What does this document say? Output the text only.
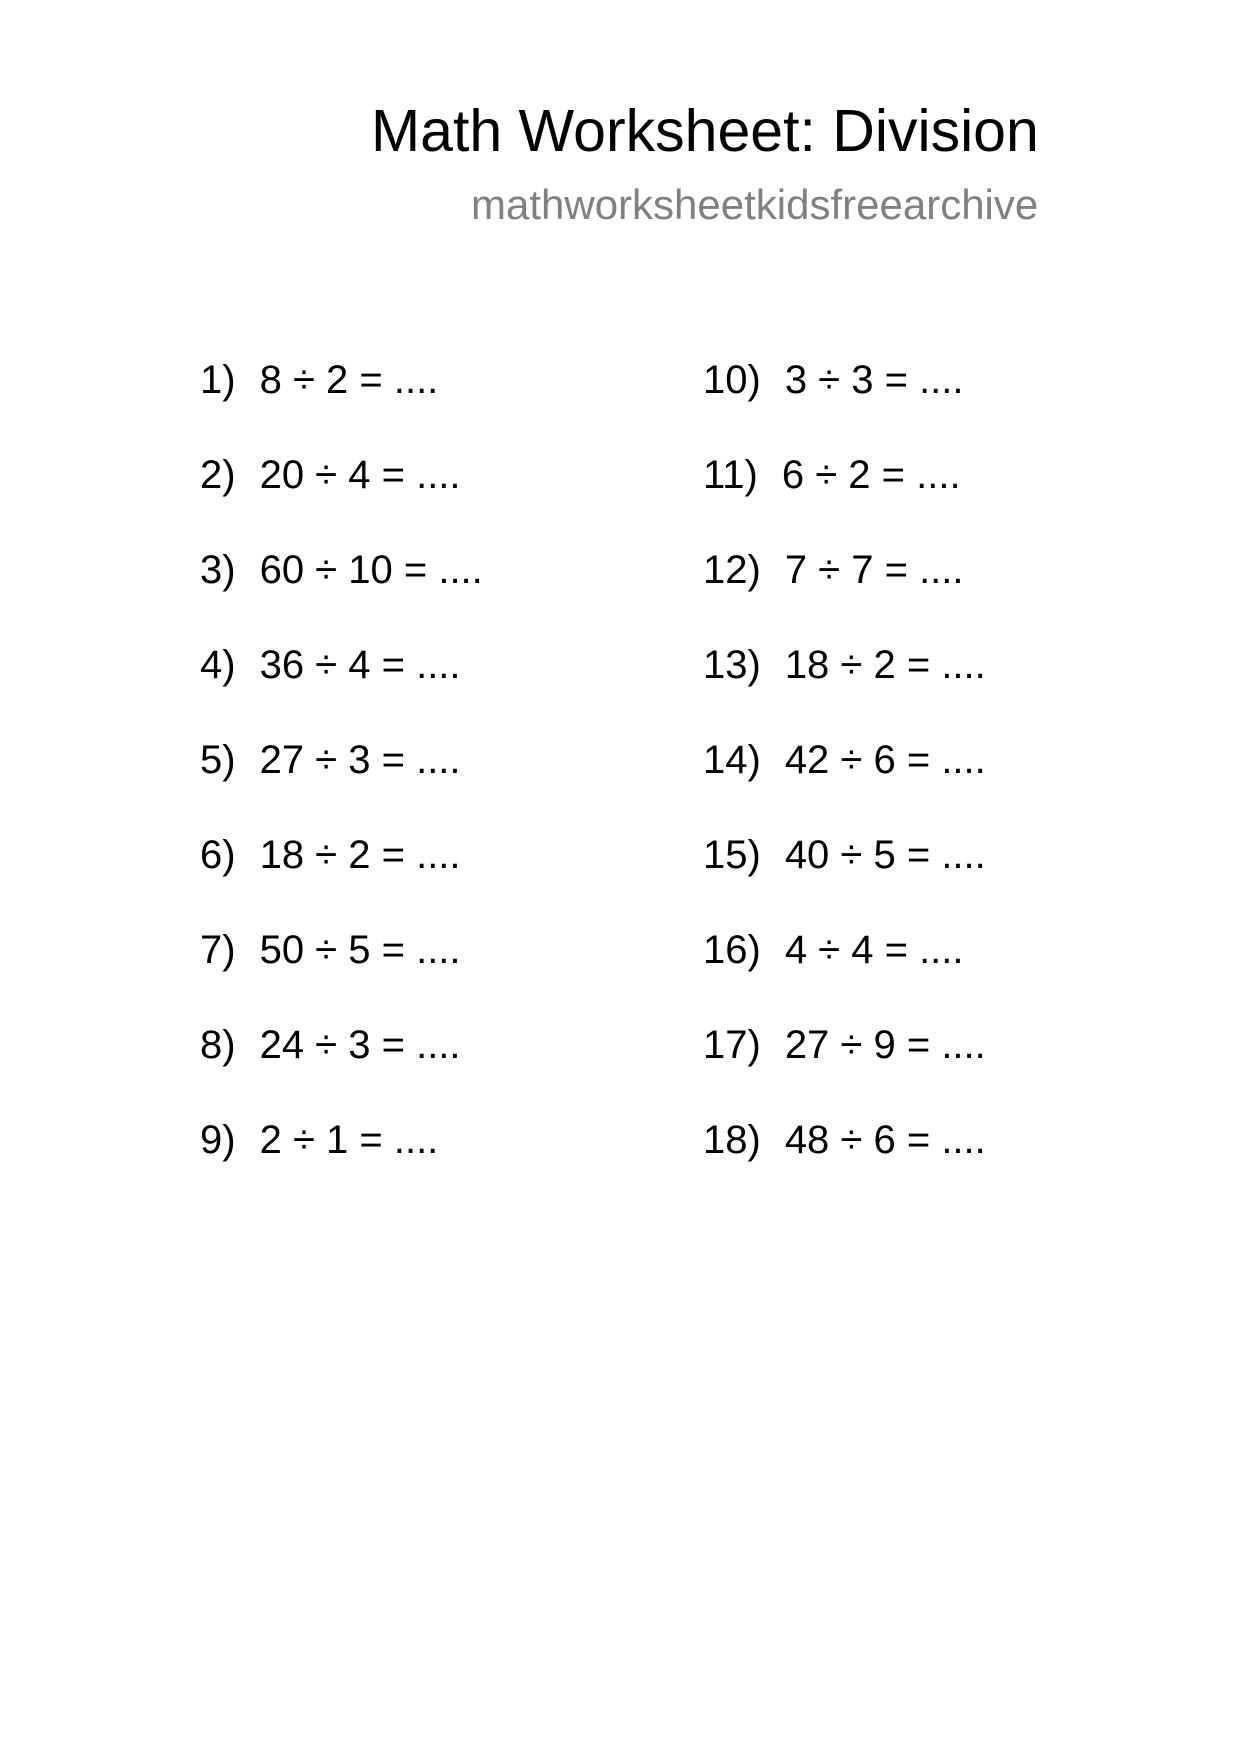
Math Worksheet: Division
mathworksheetkidsfreearchive
1) 8 ÷ 2 = ....
2) 20 ÷ 4 = ....
3) 60 ÷ 10 = ....
4) 36 ÷ 4 = ....
5) 27 ÷ 3 = ....
6) 18 ÷ 2 = ....
7) 50 ÷ 5 = ....
8) 24 ÷ 3 = ....
9) 2 ÷ 1 = ....
10) 3 ÷ 3 = ....
11) 6 ÷ 2 = ....
12) 7 ÷ 7 = ....
13) 18 ÷ 2 = ....
14) 42 ÷ 6 = ....
15) 40 ÷ 5 = ....
16) 4 ÷ 4 = ....
17) 27 ÷ 9 = ....
18) 48 ÷ 6 = ....
